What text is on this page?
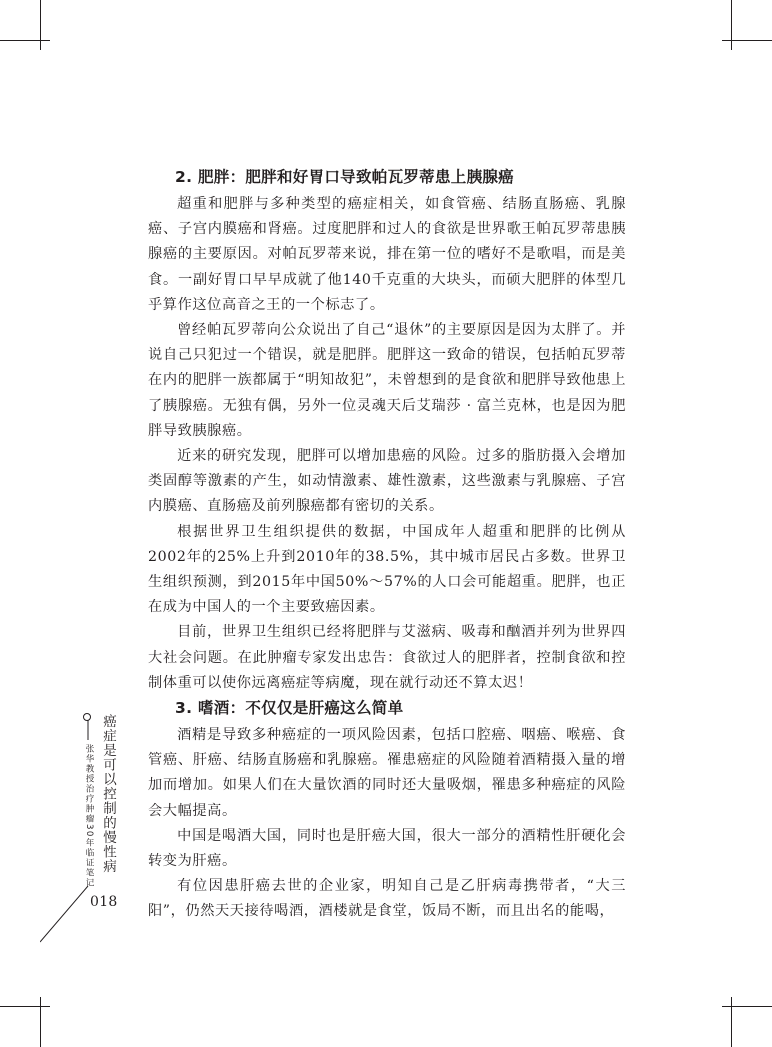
2. 肥胖：肥胖和好胃口导致帕瓦罗蒂患上胰腺癌

超重和肥胖与多种类型的癌症相关，如食管癌、结肠直肠癌、乳腺癌、子宫内膜癌和肾癌。过度肥胖和过人的食欲是世界歌王帕瓦罗蒂患胰腺癌的主要原因。对帕瓦罗蒂来说，排在第一位的嗜好不是歌唱，而是美食。一副好胃口早早成就了他140千克重的大块头，而硕大肥胖的体型几乎算作这位高音之王的一个标志了。

曾经帕瓦罗蒂向公众说出了自己“退休”的主要原因是因为太胖了。并说自己只犯过一个错误，就是肥胖。肥胖这一致命的错误，包括帕瓦罗蒂在内的肥胖一族都属于“明知故犯”，未曾想到的是食欲和肥胖导致他患上了胰腺癌。无独有偶，另外一位灵魂天后艾瑞莎 · 富兰克林，也是因为肥胖导致胰腺癌。

近来的研究发现，肥胖可以增加患癌的风险。过多的脂肪摄入会增加类固醇等激素的产生，如动情激素、雄性激素，这些激素与乳腺癌、子宫内膜癌、直肠癌及前列腺癌都有密切的关系。

根据世界卫生组织提供的数据，中国成年人超重和肥胖的比例从2002年的25%上升到2010年的38.5%，其中城市居民占多数。世界卫生组织预测，到2015年中国50%～57%的人口会可能超重。肥胖，也正在成为中国人的一个主要致癌因素。

目前，世界卫生组织已经将肥胖与艾滋病、吸毒和酗酒并列为世界四大社会问题。在此肿瘤专家发出忠告：食欲过人的肥胖者，控制食欲和控制体重可以使你远离癌症等病魔，现在就行动还不算太迟！

3. 嗜酒：不仅仅是肝癌这么简单

酒精是导致多种癌症的一项风险因素，包括口腔癌、咽癌、喉癌、食管癌、肝癌、结肠直肠癌和乳腺癌。罹患癌症的风险随着酒精摄入量的增加而增加。如果人们在大量饮酒的同时还大量吸烟，罹患多种癌症的风险会大幅提高。

中国是喝酒大国，同时也是肝癌大国，很大一部分的酒精性肝硬化会转变为肝癌。

有位因患肝癌去世的企业家，明知自己是乙肝病毒携带者，“大三阳”，仍然天天接待喝酒，酒楼就是食堂，饭局不断，而且出名的能喝，

癌症是可以控制的慢性病
张华教授治疗肿瘤30年临证笔记
018
